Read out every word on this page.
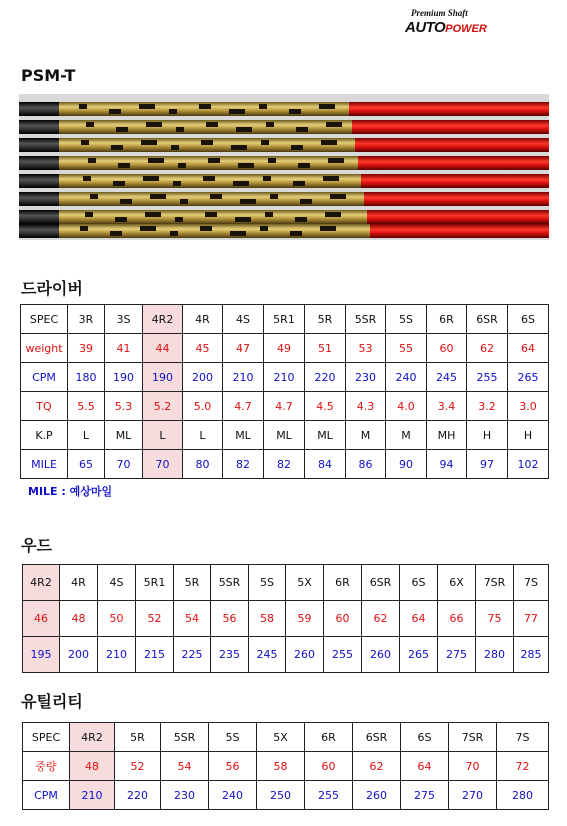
Premium Shaft
AUTOPOWER
PSM-T
드라이버
SPEC	3R	3S	4R2	4R	4S	5R1	5R	5SR	5S	6R	6SR	6S
weight	39	41	44	45	47	49	51	53	55	60	62	64
CPM	180	190	190	200	210	210	220	230	240	245	255	265
TQ	5.5	5.3	5.2	5.0	4.7	4.7	4.5	4.3	4.0	3.4	3.2	3.0
K.P	L	ML	L	L	ML	ML	ML	M	M	MH	H	H
MILE	65	70	70	80	82	82	84	86	90	94	97	102
MILE : 예상마일
우드
4R2	4R	4S	5R1	5R	5SR	5S	5X	6R	6SR	6S	6X	7SR	7S
46	48	50	52	54	56	58	59	60	62	64	66	75	77
195	200	210	215	225	235	245	260	255	260	265	275	280	285
유틸리티
SPEC	4R2	5R	5SR	5S	5X	6R	6SR	6S	7SR	7S
중량	48	52	54	56	58	60	62	64	70	72
CPM	210	220	230	240	250	255	260	275	270	280
